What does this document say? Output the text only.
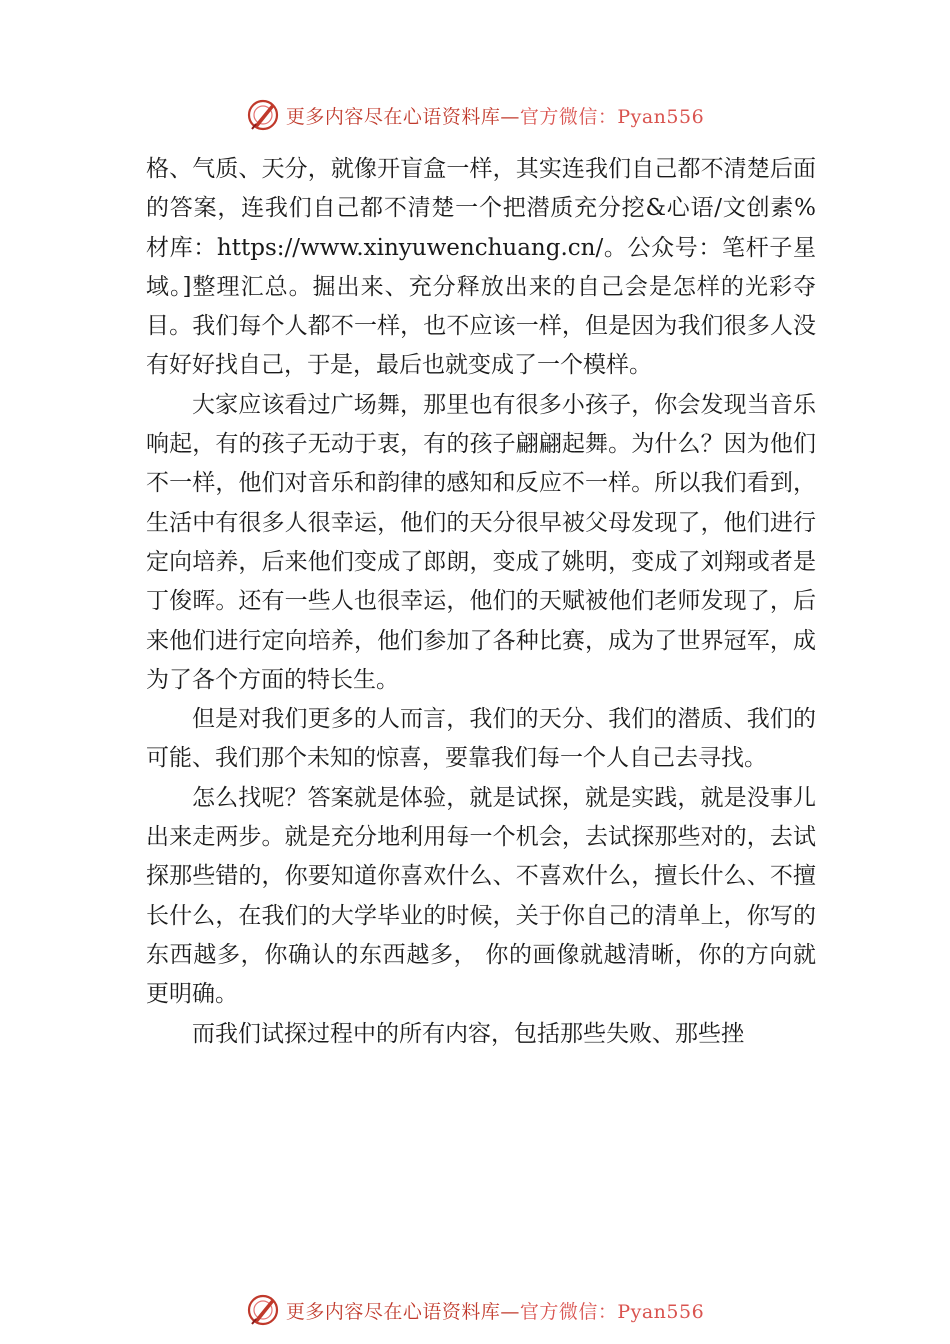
更多内容尽在心语资料库—官方微信：Pyan556

格、气质、天分，就像开盲盒一样，其实连我们自己都不清楚后面的答案，连我们自己都不清楚一个把潜质充分挖&心语/文创素%材库：https://www.xinyuwenchuang.cn/。公众号：笔杆子星域。]整理汇总。掘出来、充分释放出来的自己会是怎样的光彩夺目。我们每个人都不一样，也不应该一样，但是因为我们很多人没有好好找自己，于是，最后也就变成了一个模样。

大家应该看过广场舞，那里也有很多小孩子，你会发现当音乐响起，有的孩子无动于衷，有的孩子翩翩起舞。为什么？因为他们不一样，他们对音乐和韵律的感知和反应不一样。所以我们看到，生活中有很多人很幸运，他们的天分很早被父母发现了，他们进行定向培养，后来他们变成了郎朗，变成了姚明，变成了刘翔或者是丁俊晖。还有一些人也很幸运，他们的天赋被他们老师发现了，后来他们进行定向培养，他们参加了各种比赛，成为了世界冠军，成为了各个方面的特长生。

但是对我们更多的人而言，我们的天分、我们的潜质、我们的可能、我们那个未知的惊喜，要靠我们每一个人自己去寻找。

怎么找呢？答案就是体验，就是试探，就是实践，就是没事儿出来走两步。就是充分地利用每一个机会，去试探那些对的，去试探那些错的，你要知道你喜欢什么、不喜欢什么，擅长什么、不擅长什么，在我们的大学毕业的时候，关于你自己的清单上，你写的东西越多，你确认的东西越多， 你的画像就越清晰，你的方向就更明确。

而我们试探过程中的所有内容，包括那些失败、那些挫

更多内容尽在心语资料库—官方微信：Pyan556
